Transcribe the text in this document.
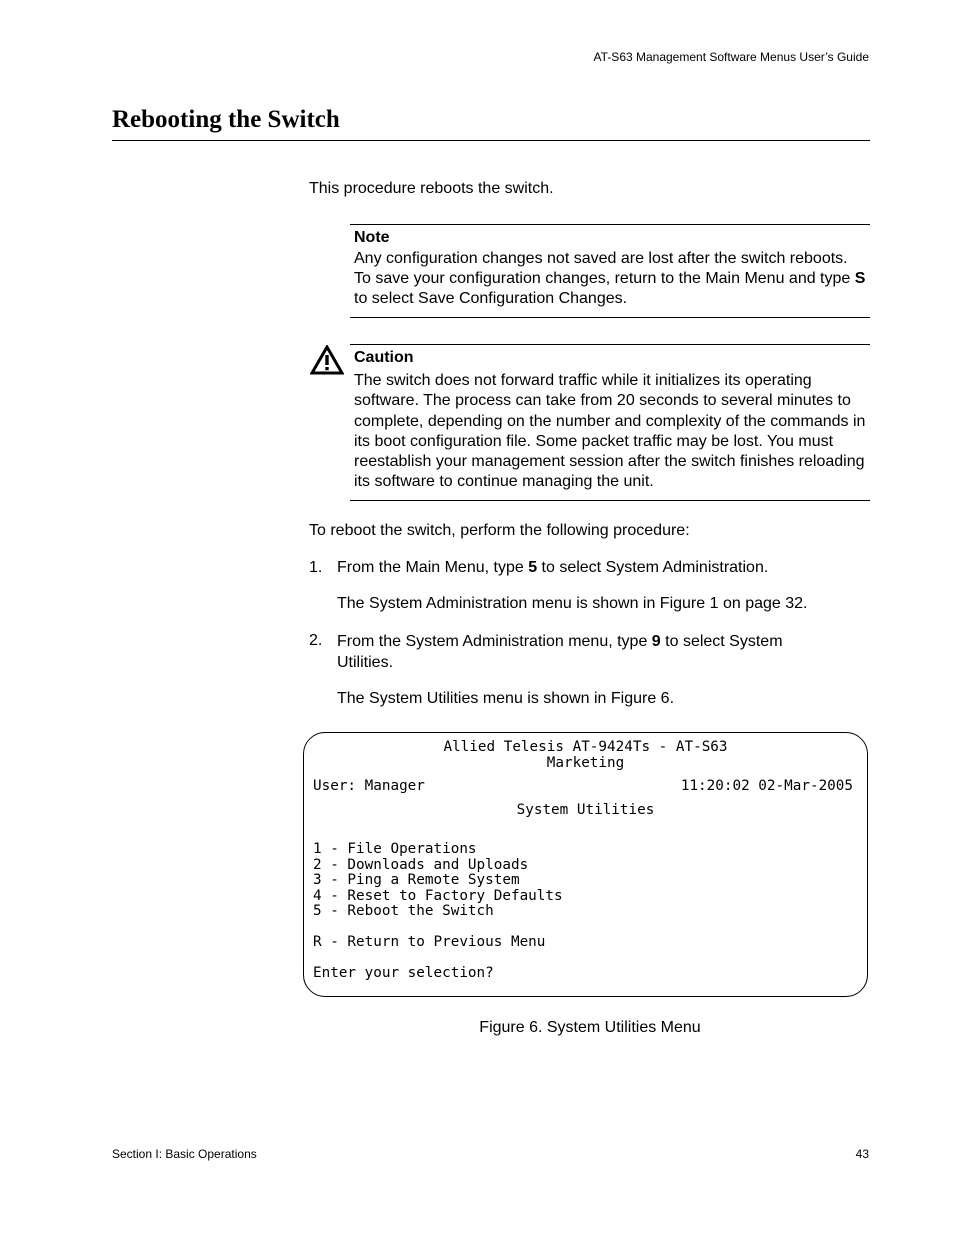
AT-S63 Management Software Menus User’s Guide
Rebooting the Switch
This procedure reboots the switch.
Note
Any configuration changes not saved are lost after the switch reboots. To save your configuration changes, return to the Main Menu and type S to select Save Configuration Changes.
Caution
The switch does not forward traffic while it initializes its operating software. The process can take from 20 seconds to several minutes to complete, depending on the number and complexity of the commands in its boot configuration file. Some packet traffic may be lost. You must reestablish your management session after the switch finishes reloading its software to continue managing the unit.
To reboot the switch, perform the following procedure:
1. From the Main Menu, type 5 to select System Administration.
The System Administration menu is shown in Figure 1 on page 32.
2. From the System Administration menu, type 9 to select System Utilities.
The System Utilities menu is shown in Figure 6.
Allied Telesis AT-9424Ts - AT-S63
Marketing
User: Manager	11:20:02 02-Mar-2005
System Utilities
1 - File Operations
2 - Downloads and Uploads
3 - Ping a Remote System
4 - Reset to Factory Defaults
5 - Reboot the Switch
R - Return to Previous Menu
Enter your selection?
Figure 6. System Utilities Menu
Section I: Basic Operations	43
